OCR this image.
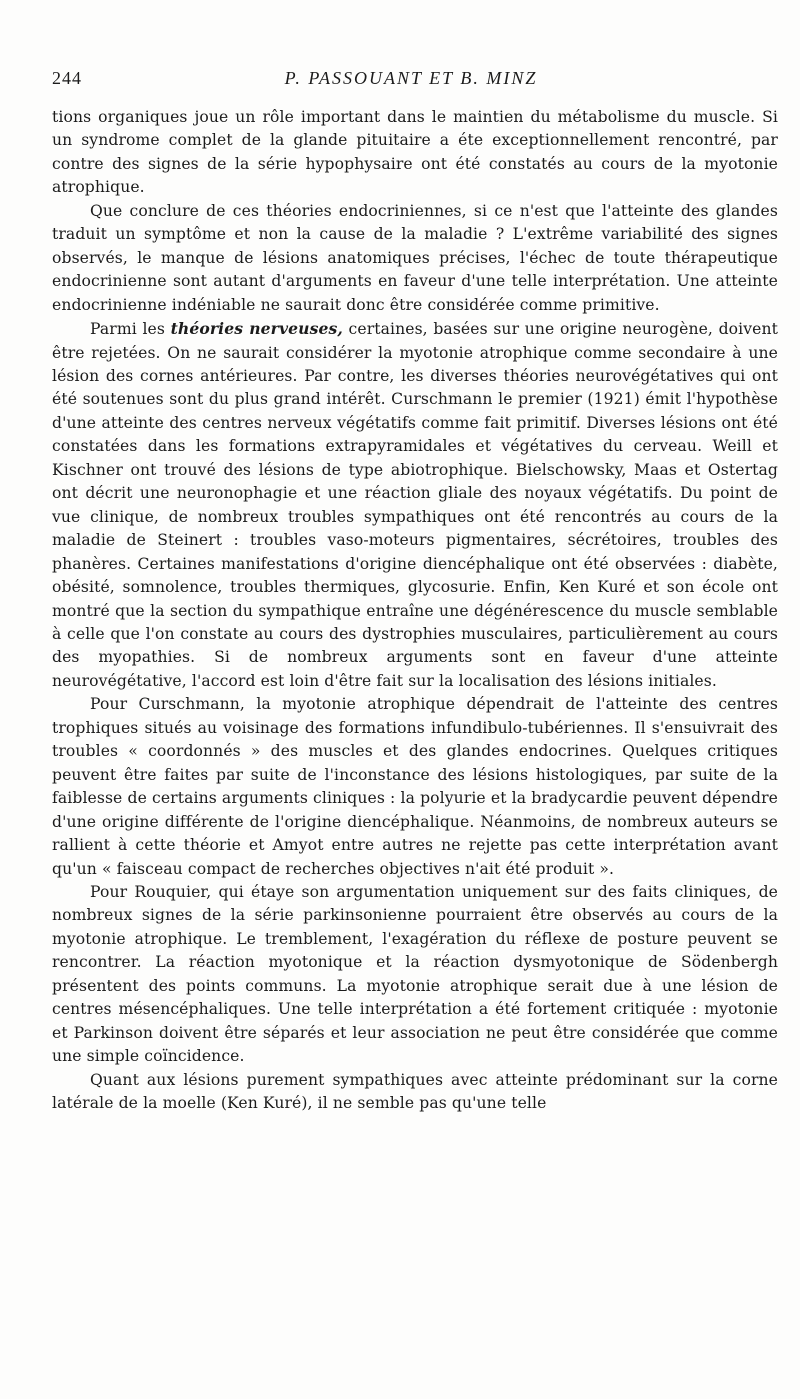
244	P. PASSOUANT ET B. MINZ

tions organiques joue un rôle important dans le maintien du métabolisme du muscle. Si un syndrome complet de la glande pituitaire a éte exceptionnellement rencontré, par contre des signes de la série hypophysaire ont été constatés au cours de la myotonie atrophique.

Que conclure de ces théories endocriniennes, si ce n'est que l'atteinte des glandes traduit un symptôme et non la cause de la maladie ? L'extrême variabilité des signes observés, le manque de lésions anatomiques précises, l'échec de toute thérapeutique endocrinienne sont autant d'arguments en faveur d'une telle interprétation. Une atteinte endocrinienne indéniable ne saurait donc être considérée comme primitive.

Parmi les théories nerveuses, certaines, basées sur une origine neurogène, doivent être rejetées. On ne saurait considérer la myotonie atrophique comme secondaire à une lésion des cornes antérieures. Par contre, les diverses théories neurovégétatives qui ont été soutenues sont du plus grand intérêt. Curschmann le premier (1921) émit l'hypothèse d'une atteinte des centres nerveux végétatifs comme fait primitif. Diverses lésions ont été constatées dans les formations extrapyramidales et végétatives du cerveau. Weill et Kischner ont trouvé des lésions de type abiotrophique. Bielschowsky, Maas et Ostertag ont décrit une neuronophagie et une réaction gliale des noyaux végétatifs. Du point de vue clinique, de nombreux troubles sympathiques ont été rencontrés au cours de la maladie de Steinert : troubles vaso-moteurs pigmentaires, sécrétoires, troubles des phanères. Certaines manifestations d'origine diencéphalique ont été observées : diabète, obésité, somnolence, troubles thermiques, glycosurie. Enfin, Ken Kuré et son école ont montré que la section du sympathique entraîne une dégénérescence du muscle semblable à celle que l'on constate au cours des dystrophies musculaires, particulièrement au cours des myopathies. Si de nombreux arguments sont en faveur d'une atteinte neurovégétative, l'accord est loin d'être fait sur la localisation des lésions initiales.

Pour Curschmann, la myotonie atrophique dépendrait de l'atteinte des centres trophiques situés au voisinage des formations infundibulo-tubériennes. Il s'ensuivrait des troubles « coordonnés » des muscles et des glandes endocrines. Quelques critiques peuvent être faites par suite de l'inconstance des lésions histologiques, par suite de la faiblesse de certains arguments cliniques : la polyurie et la bradycardie peuvent dépendre d'une origine différente de l'origine diencéphalique. Néanmoins, de nombreux auteurs se rallient à cette théorie et Amyot entre autres ne rejette pas cette interprétation avant qu'un « faisceau compact de recherches objectives n'ait été produit ».

Pour Rouquier, qui étaye son argumentation uniquement sur des faits cliniques, de nombreux signes de la série parkinsonienne pourraient être observés au cours de la myotonie atrophique. Le tremblement, l'exagération du réflexe de posture peuvent se rencontrer. La réaction myotonique et la réaction dysmyotonique de Södenbergh présentent des points communs. La myotonie atrophique serait due à une lésion de centres mésencéphaliques. Une telle interprétation a été fortement critiquée : myotonie et Parkinson doivent être séparés et leur association ne peut être considérée que comme une simple coïncidence.

Quant aux lésions purement sympathiques avec atteinte prédominant sur la corne latérale de la moelle (Ken Kuré), il ne semble pas qu'une telle
